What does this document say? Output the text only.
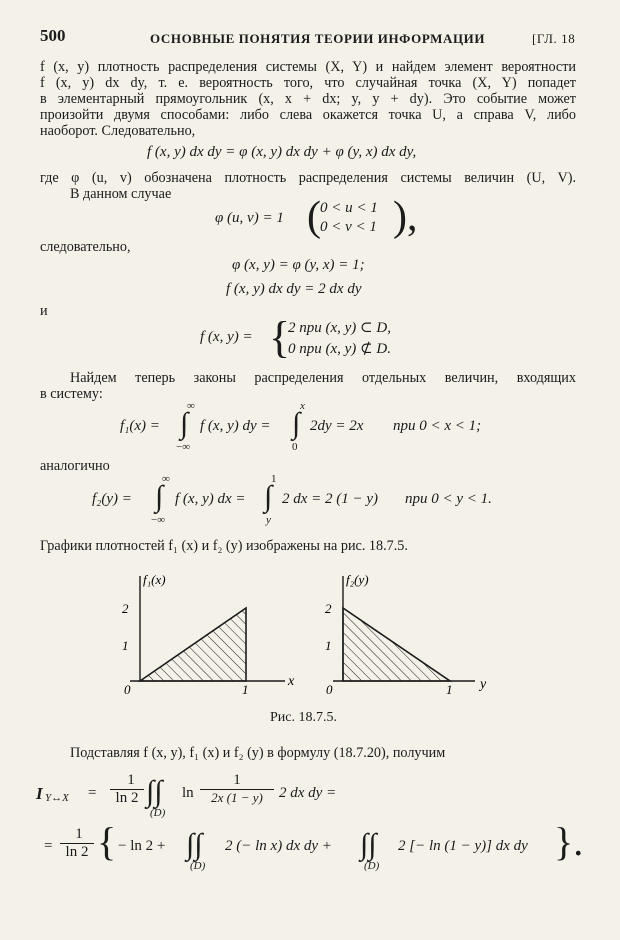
500	ОСНОВНЫЕ ПОНЯТИЯ ТЕОРИИ ИНФОРМАЦИИ	[ГЛ. 18
f (x, y) плотность распределения системы (X, Y) и найдем элемент вероятности
f (x, y) dx dy, т. е. вероятность того, что случайная точка (X, Y) попадет
в элементарный прямоугольник (x, x + dx; y, y + dy). Это событие может
произойти двумя способами: либо слева окажется точка U, а справа V, либо
наоборот. Следовательно,
f (x, y) dx dy = φ (x, y) dx dy + φ (y, x) dx dy,
где φ (u, v) обозначена плотность распределения системы величин (U, V).
В данном случае
φ (u, v) = 1 ( 0 < u < 1
0 < v < 1 ),
следовательно,
φ (x, y) = φ (y, x) = 1;
f (x, y) dx dy = 2 dx dy
и
f (x, y) = {
2 при (x, y) ⊂ D,
0 при (x, y) ⊄ D.
Найдем теперь законы распределения отдельных величин, входящих
в систему:
f₁(x) =
∞
∫
−∞
f (x, y) dy =
x
∫
0
2dy = 2x при 0 < x < 1;
аналогично
f₂(y) =
∞
∫
−∞
f (x, y) dx =
1
∫
y
2 dx = 2 (1 − y) при 0 < y < 1.
Графики плотностей f₁ (x) и f₂ (y) изображены на рис. 18.7.5.
f₁(x)
x
0	1
1
2
f₂(y)
y
0	1
1
2
Рис. 18.7.5.
Подставляя f (x, y), f₁ (x) и f₂ (y) в формулу (18.7.20), получим
I Y↔X =
1
ln 2 ∫∫
(D)
ln
1
2x (1 − y)	2 dx dy =
=
1
ln 2 { − ln 2 + ∫∫
(D)
2 (− ln x) dx dy + ∫∫
(D)
2 [− ln (1 − y)] dx dy }.
